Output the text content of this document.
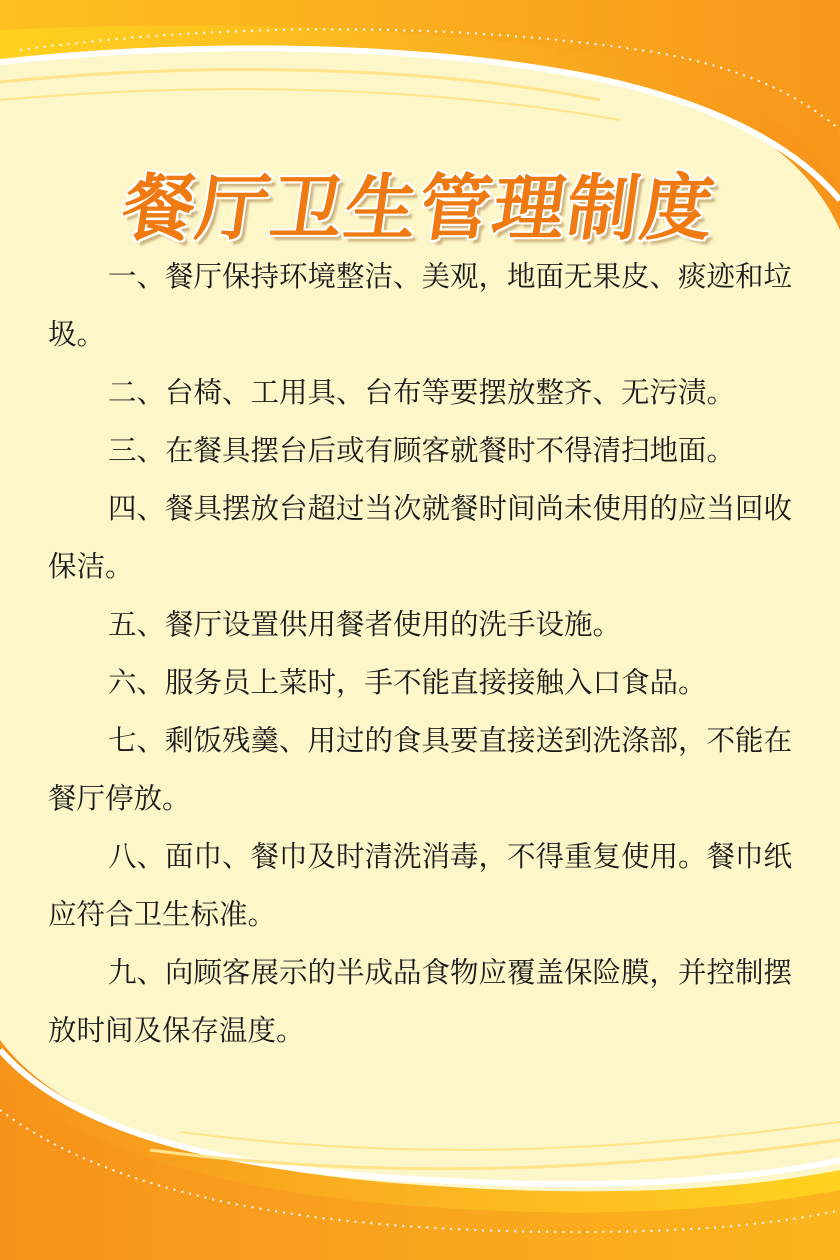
餐厅卫生管理制度

一、餐厅保持环境整洁、美观，地面无果皮、痰迹和垃圾。

二、台椅、工用具、台布等要摆放整齐、无污渍。

三、在餐具摆台后或有顾客就餐时不得清扫地面。

四、餐具摆放台超过当次就餐时间尚未使用的应当回收保洁。

五、餐厅设置供用餐者使用的洗手设施。

六、服务员上菜时，手不能直接接触入口食品。

七、剩饭残羹、用过的食具要直接送到洗涤部，不能在餐厅停放。

八、面巾、餐巾及时清洗消毒，不得重复使用。餐巾纸应符合卫生标准。

九、向顾客展示的半成品食物应覆盖保险膜，并控制摆放时间及保存温度。
